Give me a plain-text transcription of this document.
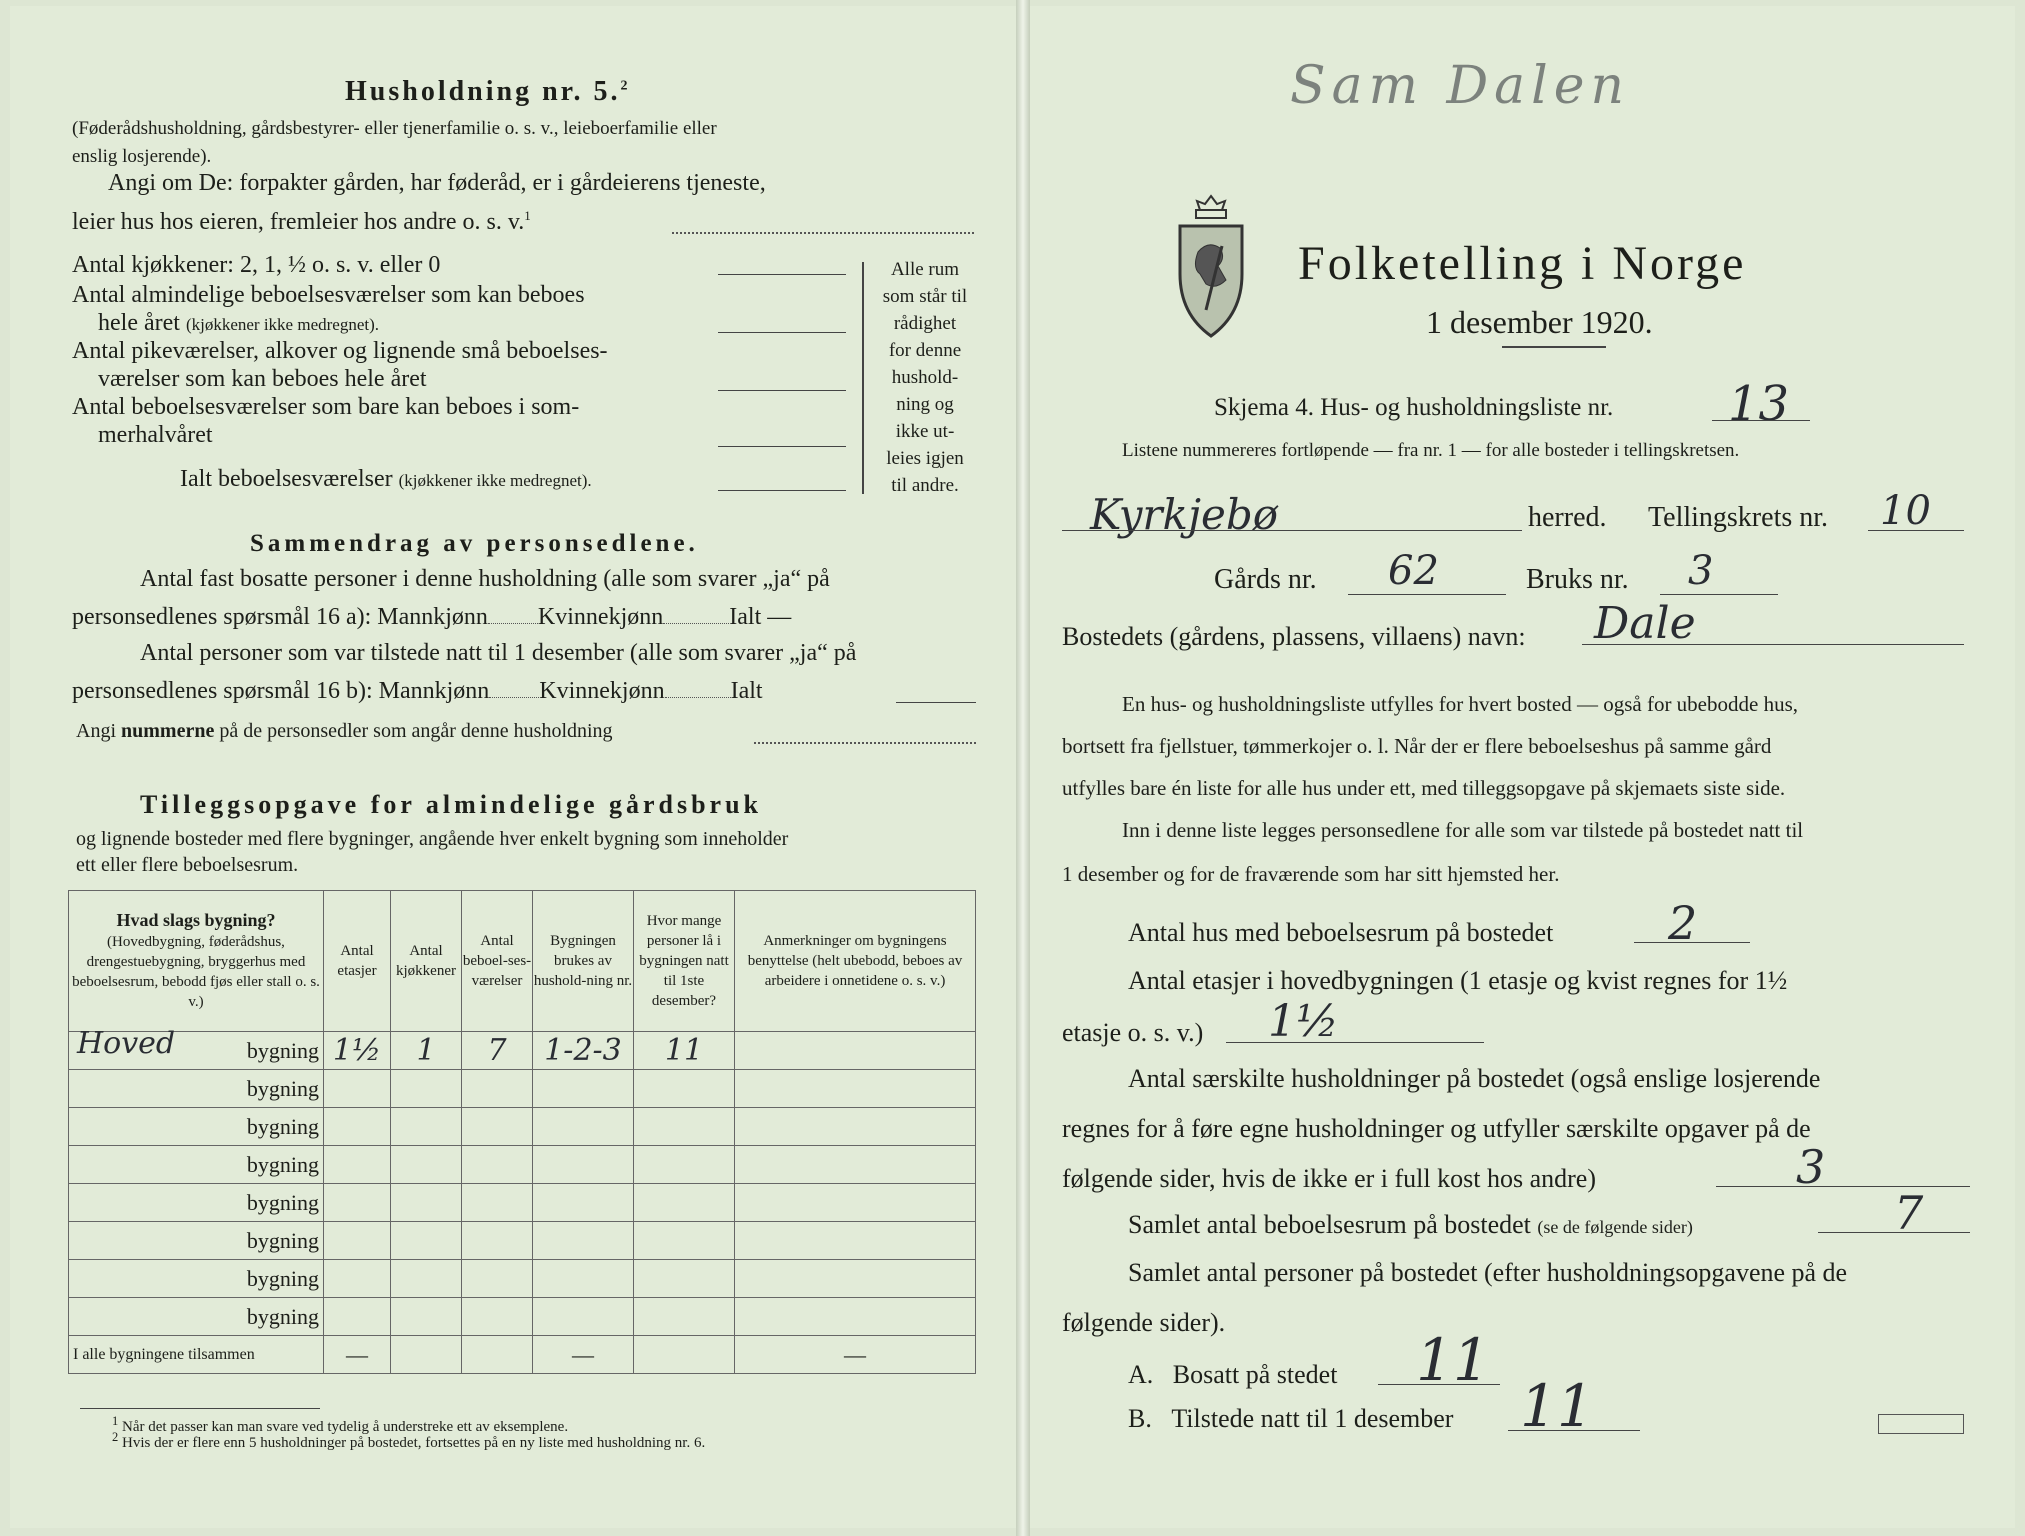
Husholdning nr. 5.$^2$
(Føderådshusholdning, gårdsbestyrer- eller tjenerfamilie o. s. v., leieboerfamilie eller
enslig losjerende).
Angi om De: forpakter gården, har føderåd, er i gårdeierens tjeneste,
leier hus hos eieren, fremleier hos andre o. s. v.$^1$
Antal kjøkkener: 2, 1, ½ o. s. v. eller 0
Antal almindelige beboelsesværelser som kan beboes
hele året (kjøkkener ikke medregnet).
Antal pikeværelser, alkover og lignende små beboelses-
værelser som kan beboes hele året
Antal beboelsesværelser som bare kan beboes i som-
merhalvåret
Ialt beboelsesværelser (kjøkkener ikke medregnet).
Alle rum
som står til
rådighet
for denne
hushold-
ning og
ikke ut-
leies igjen
til andre.
Sammendrag av personsedlene.
Antal fast bosatte personer i denne husholdning (alle som svarer „ja“ på
personsedlenes spørsmål 16 a): Mannkjønn Kvinnekjønn	Ialt —
Antal personer som var tilstede natt til 1 desember (alle som svarer „ja“ på
personsedlenes spørsmål 16 b): Mannkjønn Kvinnekjønn	Ialt
Angi nummerne på de personsedler som angår denne husholdning
Tilleggsopgave for almindelige gårdsbruk
og lignende bosteder med flere bygninger, angående hver enkelt bygning som inneholder
ett eller flere beboelsesrum.
Hvad slags bygning?
(Hovedbygning, føderådshus, drengestuebygning, bryggerhus med beboelsesrum, bebodd fjøs eller stall o. s. v.)	Antal etasjer	Antal kjøkkener	Antal beboel-ses-værelser	Bygningen brukes av hushold-ning nr.	Hvor mange personer lå i bygningen natt til 1ste desember?	Anmerkninger om bygningens benyttelse (helt ubebodd, beboes av arbeidere i onnetidene o. s. v.)

Hoved bygning	1½	1	7	1-2-3	11	

bygning						

bygning						

bygning						

bygning						

bygning						

bygning						

bygning						
I alle bygningene tilsammen	—			—		—
$^1$ Når det passer kan man svare ved tydelig å understreke ett av eksemplene.
$^2$ Hvis der er flere enn 5 husholdninger på bostedet, fortsettes på en ny liste med husholdning nr. 6.
Sam Dalen
Folketelling i Norge
1 desember 1920.
Skjema 4. Hus- og husholdningsliste nr. 13
Listene nummereres fortløpende — fra nr. 1 — for alle bosteder i tellingskretsen.
Kyrkjebø	herred. Tellingskrets nr. 10
Gårds nr. 62	Bruks nr. 3
Bostedets (gårdens, plassens, villaens) navn: Dale
En hus- og husholdningsliste utfylles for hvert bosted — også for ubebodde hus,
bortsett fra fjellstuer, tømmerkojer o. l. Når der er flere beboelseshus på samme gård
utfylles bare én liste for alle hus under ett, med tilleggsopgave på skjemaets siste side.
Inn i denne liste legges personsedlene for alle som var tilstede på bostedet natt til
1 desember og for de fraværende som har sitt hjemsted her.
Antal hus med beboelsesrum på bostedet 2
Antal etasjer i hovedbygningen (1 etasje og kvist regnes for 1½
etasje o. s. v.) 1½
Antal særskilte husholdninger på bostedet (også enslige losjerende
regnes for å føre egne husholdninger og utfyller særskilte opgaver på de
følgende sider, hvis de ikke er i full kost hos andre)	3
Samlet antal beboelsesrum på bostedet (se de følgende sider)	7
Samlet antal personer på bostedet (efter husholdningsopgavene på de
følgende sider).
A. Bosatt på stedet 11
B. Tilstede natt til 1 desember 11
